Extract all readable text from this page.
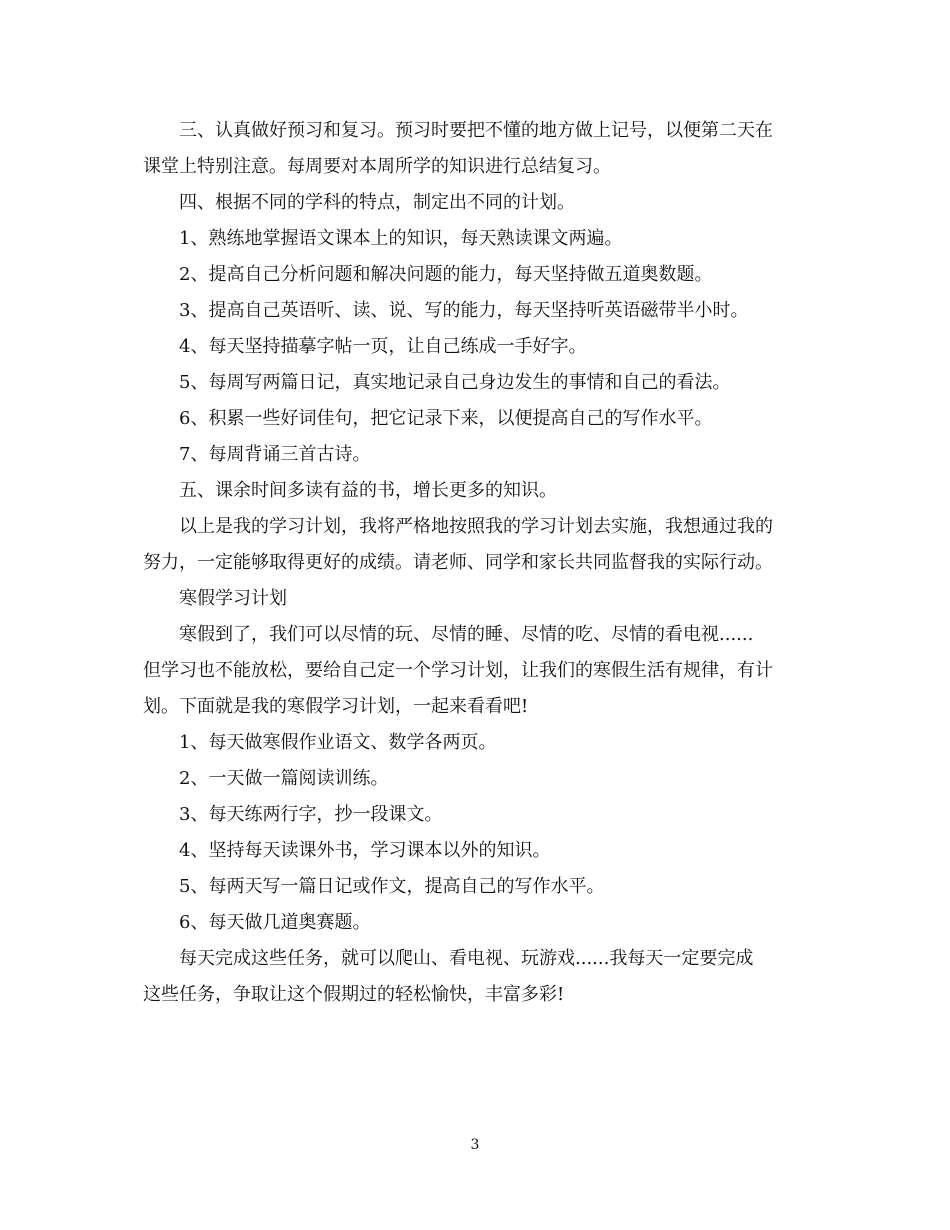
三、认真做好预习和复习。预习时要把不懂的地方做上记号，以便第二天在
课堂上特别注意。每周要对本周所学的知识进行总结复习。
四、根据不同的学科的特点，制定出不同的计划。
1、熟练地掌握语文课本上的知识，每天熟读课文两遍。
2、提高自己分析问题和解决问题的能力，每天坚持做五道奥数题。
3、提高自己英语听、读、说、写的能力，每天坚持听英语磁带半小时。
4、每天坚持描摹字帖一页，让自己练成一手好字。
5、每周写两篇日记，真实地记录自己身边发生的事情和自己的看法。
6、积累一些好词佳句，把它记录下来，以便提高自己的写作水平。
7、每周背诵三首古诗。
五、课余时间多读有益的书，增长更多的知识。
以上是我的学习计划，我将严格地按照我的学习计划去实施，我想通过我的
努力，一定能够取得更好的成绩。请老师、同学和家长共同监督我的实际行动。
寒假学习计划
寒假到了，我们可以尽情的玩、尽情的睡、尽情的吃、尽情的看电视......
但学习也不能放松，要给自己定一个学习计划，让我们的寒假生活有规律，有计
划。下面就是我的寒假学习计划，一起来看看吧!
1、每天做寒假作业语文、数学各两页。
2、一天做一篇阅读训练。
3、每天练两行字，抄一段课文。
4、坚持每天读课外书，学习课本以外的知识。
5、每两天写一篇日记或作文，提高自己的写作水平。
6、每天做几道奥赛题。
每天完成这些任务，就可以爬山、看电视、玩游戏......我每天一定要完成
这些任务，争取让这个假期过的轻松愉快，丰富多彩!
3
